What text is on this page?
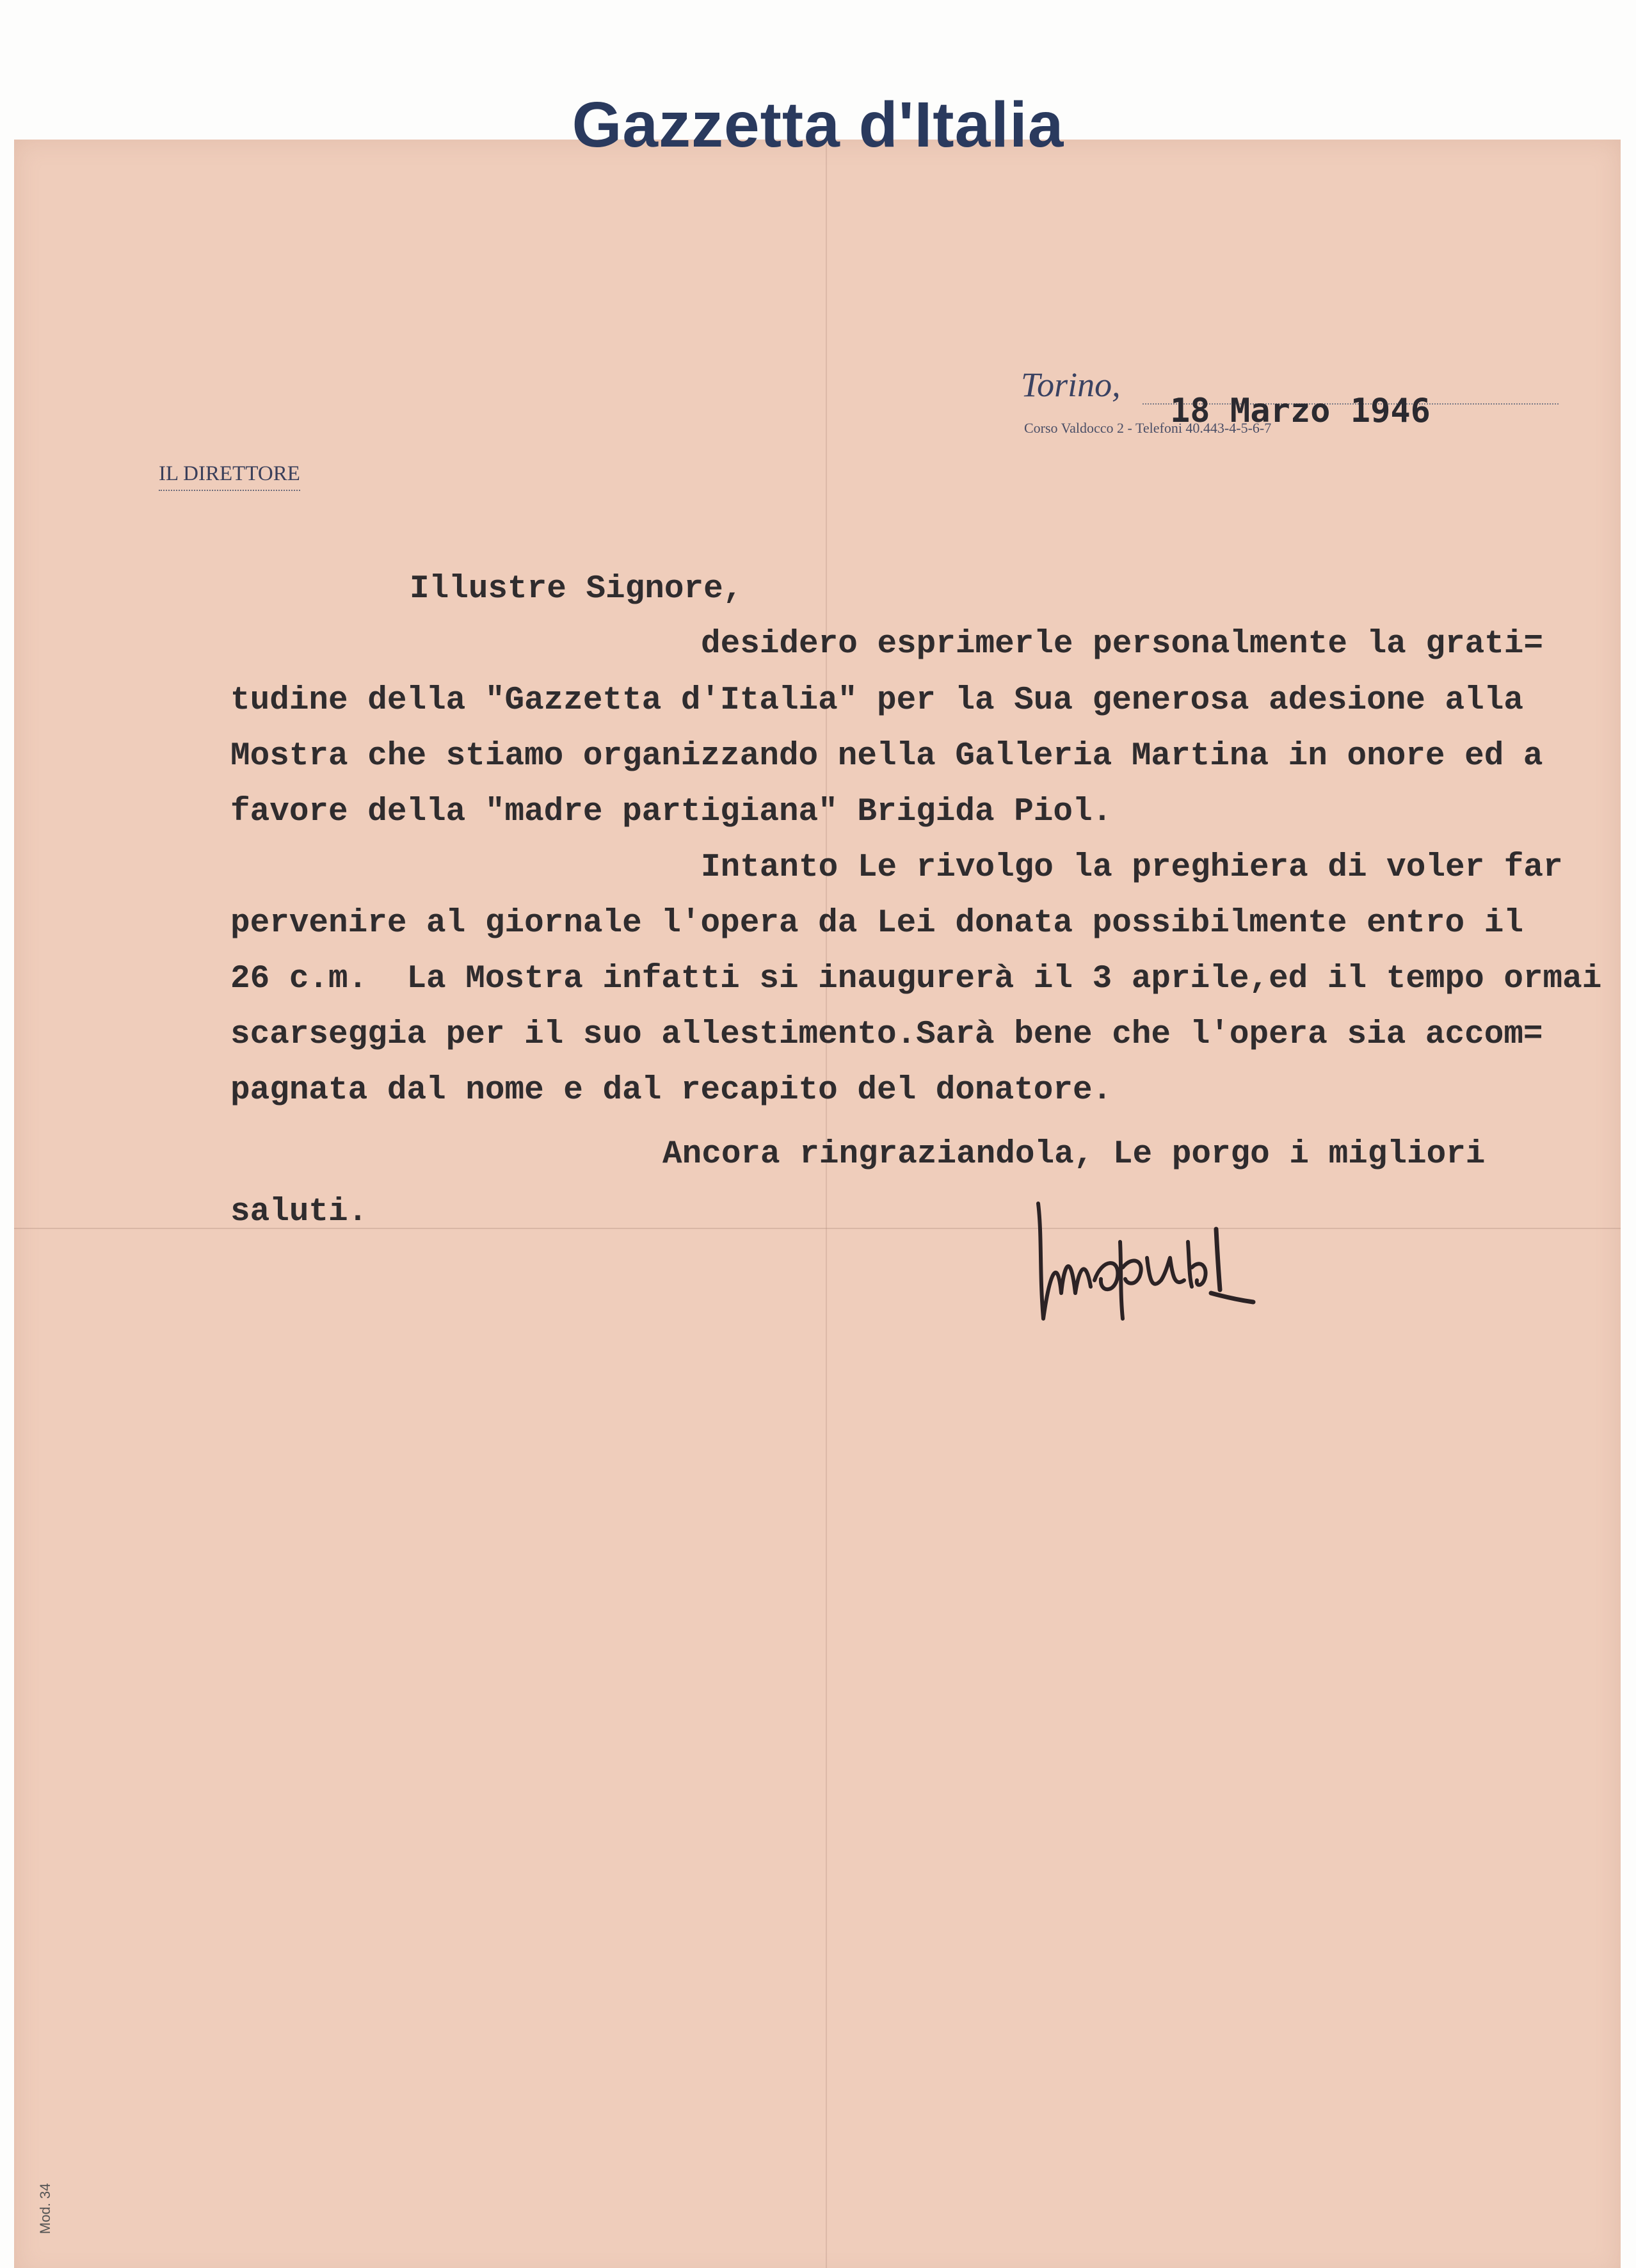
Gazzetta d'Italia
IL DIRETTORE
Torino,
18 Marzo 1946
Corso Valdocco 2 - Telefoni 40.443-4-5-6-7
Illustre Signore,
desidero esprimerle personalmente la grati=
tudine della "Gazzetta d'Italia" per la Sua generosa adesione alla
Mostra che stiamo organizzando nella Galleria Martina in onore ed a
favore della "madre partigiana" Brigida Piol.
Intanto Le rivolgo la preghiera di voler far
pervenire al giornale l'opera da Lei donata possibilmente entro il
26 c.m.  La Mostra infatti si inaugurerà il 3 aprile,ed il tempo ormai
scarseggia per il suo allestimento.Sarà bene che l'opera sia accom=
pagnata dal nome e dal recapito del donatore.
Ancora ringraziandola, Le porgo i migliori
saluti.
Mod. 34
